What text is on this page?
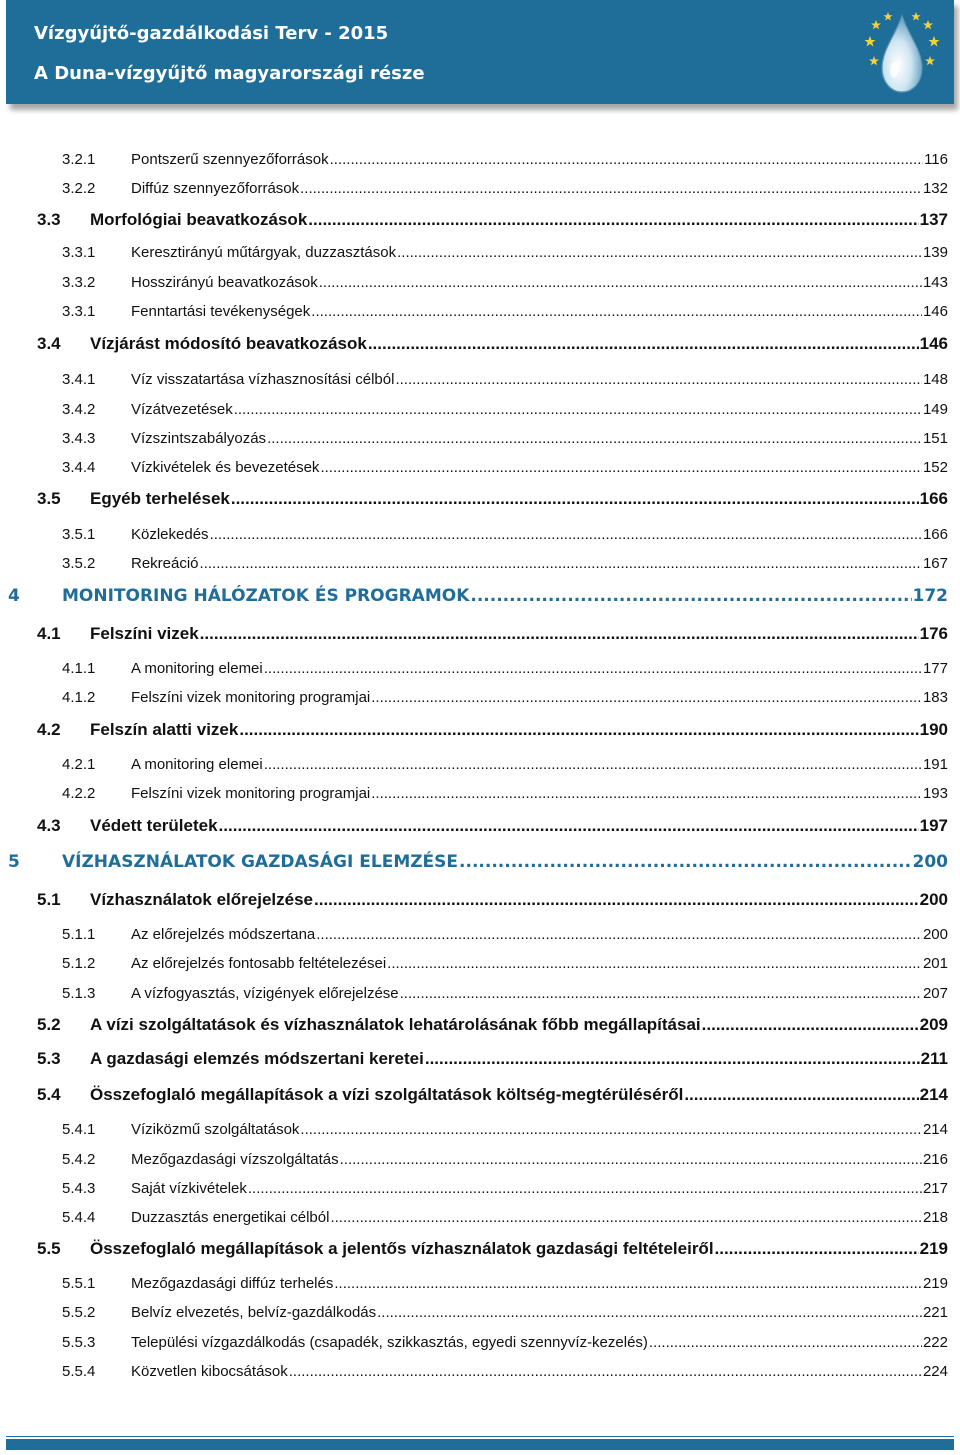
Vízgyűjtő-gazdálkodási Terv - 2015
A Duna-vízgyűjtő magyarországi része
3.2.1	Pontszerű szennyezőforrások .....	116
3.2.2	Diffúz szennyezőforrások .....	132
3.3	Morfológiai beavatkozások .....	137
3.3.1	Keresztirányú műtárgyak, duzzasztások .....	139
3.3.2	Hosszirányú beavatkozások .....	143
3.3.1	Fenntartási tevékenységek .....	146
3.4	Vízjárást módosító beavatkozások .....	146
3.4.1	Víz visszatartása vízhasznosítási célból .....	148
3.4.2	Vízátvezetések .....	149
3.4.3	Vízszintszabályozás .....	151
3.4.4	Vízkivételek és bevezetések .....	152
3.5	Egyéb terhelések .....	166
3.5.1	Közlekedés .....	166
3.5.2	Rekreáció .....	167
4	MONITORING HÁLÓZATOK ÉS PROGRAMOK .....	172
4.1	Felszíni vizek .....	176
4.1.1	A monitoring elemei .....	177
4.1.2	Felszíni vizek monitoring programjai .....	183
4.2	Felszín alatti vizek .....	190
4.2.1	A monitoring elemei .....	191
4.2.2	Felszíni vizek monitoring programjai .....	193
4.3	Védett területek .....	197
5	VÍZHASZNÁLATOK GAZDASÁGI ELEMZÉSE .....	200
5.1	Vízhasználatok előrejelzése .....	200
5.1.1	Az előrejelzés módszertana .....	200
5.1.2	Az előrejelzés fontosabb feltételezései .....	201
5.1.3	A vízfogyasztás, vízigények előrejelzése .....	207
5.2	A vízi szolgáltatások és vízhasználatok lehatárolásának főbb megállapításai .....	209
5.3	A gazdasági elemzés módszertani keretei .....	211
5.4	Összefoglaló megállapítások a vízi szolgáltatások költség-megtérüléséről .....	214
5.4.1	Víziközmű szolgáltatások .....	214
5.4.2	Mezőgazdasági vízszolgáltatás .....	216
5.4.3	Saját vízkivételek .....	217
5.4.4	Duzzasztás energetikai célból .....	218
5.5	Összefoglaló megállapítások a jelentős vízhasználatok gazdasági feltételeiről .....	219
5.5.1	Mezőgazdasági diffúz terhelés .....	219
5.5.2	Belvíz elvezetés, belvíz-gazdálkodás .....	221
5.5.3	Települési vízgazdálkodás (csapadék, szikkasztás, egyedi szennyvíz-kezelés) .....	222
5.5.4	Közvetlen kibocsátások .....	224
